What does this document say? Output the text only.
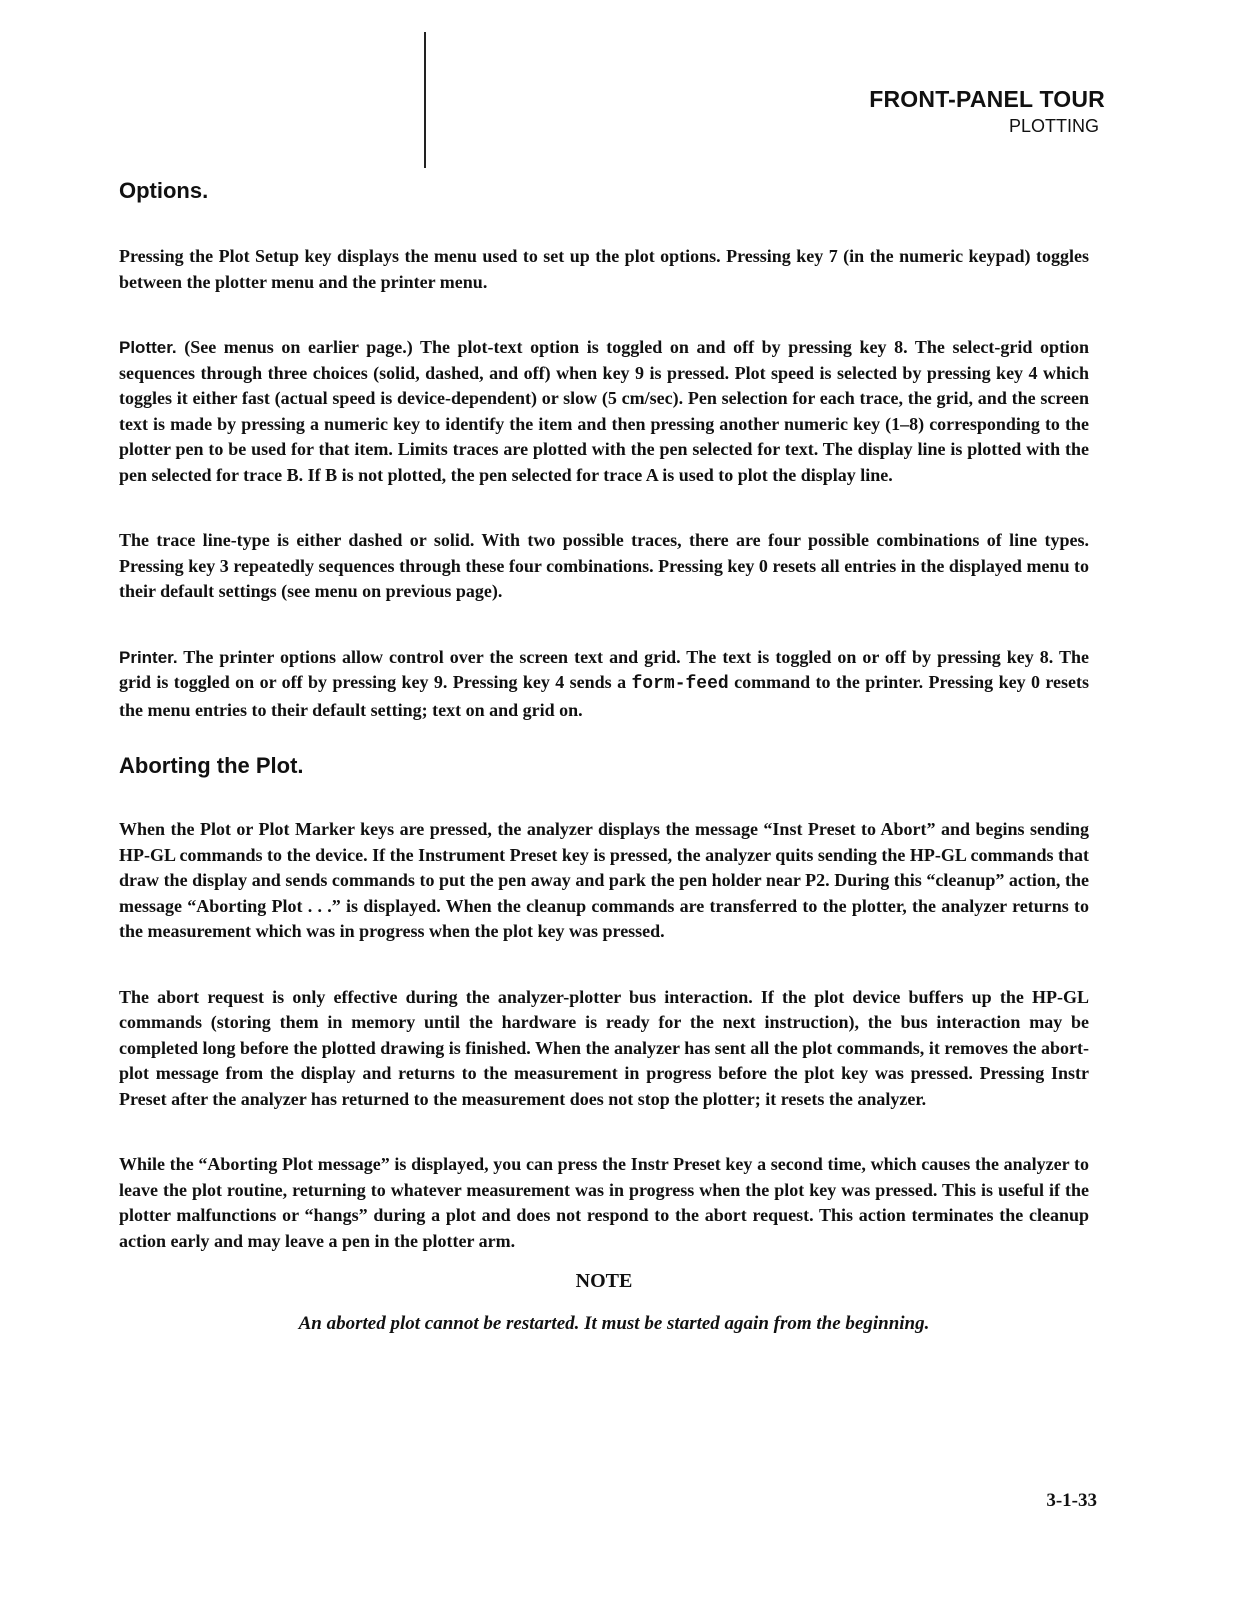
FRONT-PANEL TOUR
PLOTTING
Options.

Pressing the Plot Setup key displays the menu used to set up the plot options. Pressing key 7 (in the numeric keypad) toggles between the plotter menu and the printer menu.

Plotter. (See menus on earlier page.) The plot-text option is toggled on and off by pressing key 8. The select-grid option sequences through three choices (solid, dashed, and off) when key 9 is pressed. Plot speed is selected by pressing key 4 which toggles it either fast (actual speed is device-dependent) or slow (5 cm/sec). Pen selection for each trace, the grid, and the screen text is made by pressing a numeric key to identify the item and then pressing another numeric key (1–8) corresponding to the plotter pen to be used for that item. Limits traces are plotted with the pen selected for text. The display line is plotted with the pen selected for trace B. If B is not plotted, the pen selected for trace A is used to plot the display line.

The trace line-type is either dashed or solid. With two possible traces, there are four possible combinations of line types. Pressing key 3 repeatedly sequences through these four combinations. Pressing key 0 resets all entries in the displayed menu to their default settings (see menu on previous page).

Printer. The printer options allow control over the screen text and grid. The text is toggled on or off by pressing key 8. The grid is toggled on or off by pressing key 9. Pressing key 4 sends a form-feed command to the printer. Pressing key 0 resets the menu entries to their default setting; text on and grid on.

Aborting the Plot.

When the Plot or Plot Marker keys are pressed, the analyzer displays the message “Inst Preset to Abort” and begins sending HP-GL commands to the device. If the Instrument Preset key is pressed, the analyzer quits sending the HP-GL commands that draw the display and sends commands to put the pen away and park the pen holder near P2. During this “cleanup” action, the message “Aborting Plot . . .” is displayed. When the cleanup commands are transferred to the plotter, the analyzer returns to the measurement which was in progress when the plot key was pressed.

The abort request is only effective during the analyzer-plotter bus interaction. If the plot device buffers up the HP-GL commands (storing them in memory until the hardware is ready for the next instruction), the bus interaction may be completed long before the plotted drawing is finished. When the analyzer has sent all the plot commands, it removes the abort-plot message from the display and returns to the measurement in progress before the plot key was pressed. Pressing Instr Preset after the analyzer has returned to the measurement does not stop the plotter; it resets the analyzer.

While the “Aborting Plot message” is displayed, you can press the Instr Preset key a second time, which causes the analyzer to leave the plot routine, returning to whatever measurement was in progress when the plot key was pressed. This is useful if the plotter malfunctions or “hangs” during a plot and does not respond to the abort request. This action terminates the cleanup action early and may leave a pen in the plotter arm.

NOTE
An aborted plot cannot be restarted. It must be started again from the beginning.
3-1-33
